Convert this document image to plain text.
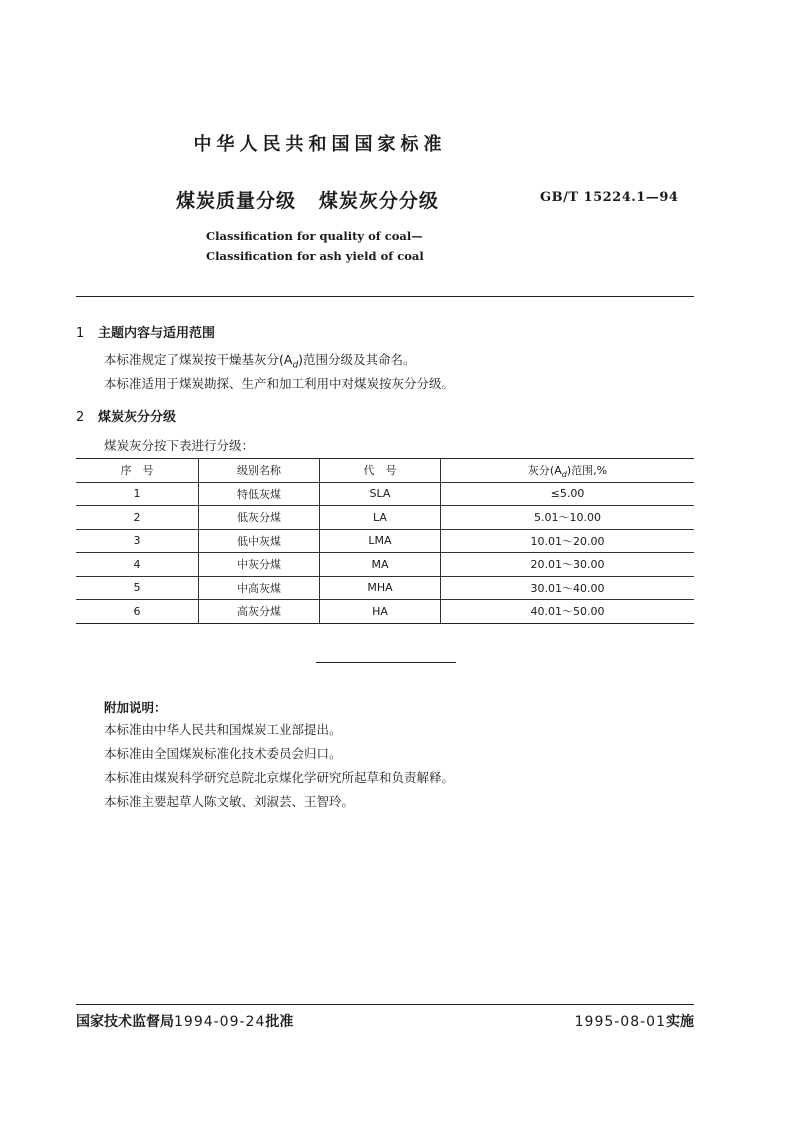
中华人民共和国国家标准
煤炭质量分级 煤炭灰分分级	GB/T 15224.1—94
Classification for quality of coal—
Classification for ash yield of coal
1 主题内容与适用范围
本标准规定了煤炭按干燥基灰分$(A_d)$范围分级及其命名。
本标准适用于煤炭勘探、生产和加工利用中对煤炭按灰分分级。
2 煤炭灰分分级
煤炭灰分按下表进行分级：
序　号	级别名称	代　号	灰分$(A_d)$范围,%
1	特低灰煤	SLA	≤5.00
2	低灰分煤	LA	5.01～10.00
3	低中灰煤	LMA	10.01～20.00
4	中灰分煤	MA	20.01～30.00
5	中高灰煤	MHA	30.01～40.00
6	高灰分煤	HA	40.01～50.00
附加说明：
本标准由中华人民共和国煤炭工业部提出。
本标准由全国煤炭标准化技术委员会归口。
本标准由煤炭科学研究总院北京煤化学研究所起草和负责解释。
本标准主要起草人陈文敏、刘淑芸、王智玲。
国家技术监督局1994-09-24批准	1995-08-01实施
